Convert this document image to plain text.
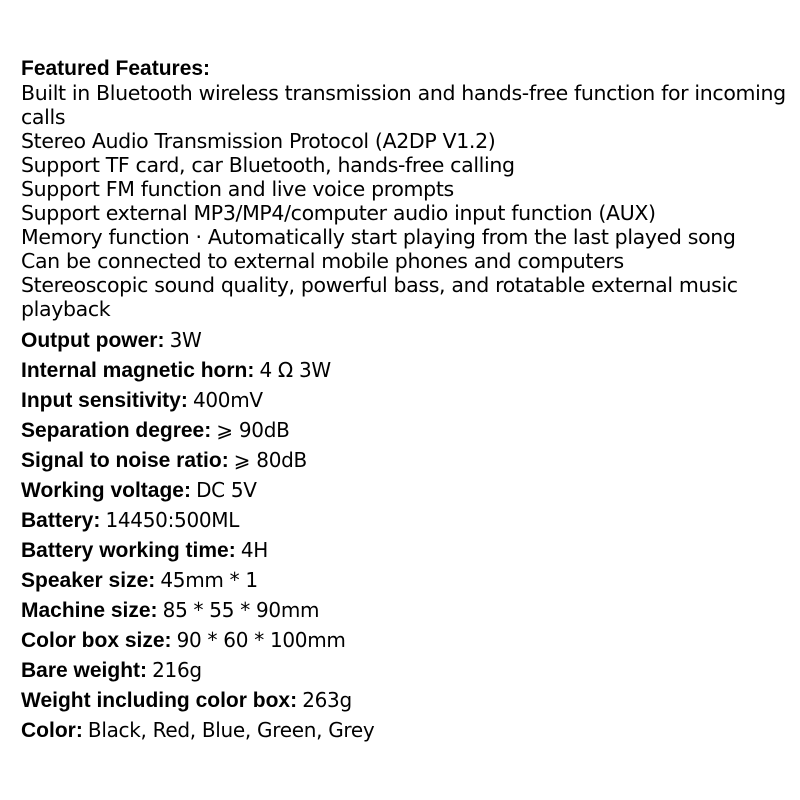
Featured Features:
Built in Bluetooth wireless transmission and hands-free function for incoming calls
Stereo Audio Transmission Protocol (A2DP V1.2)
Support TF card, car Bluetooth, hands-free calling
Support FM function and live voice prompts
Support external MP3/MP4/computer audio input function (AUX)
Memory function · Automatically start playing from the last played song
Can be connected to external mobile phones and computers
Stereoscopic sound quality, powerful bass, and rotatable external music playback
Output power: 3W
Internal magnetic horn: 4 Ω 3W
Input sensitivity: 400mV
Separation degree: ⩾ 90dB
Signal to noise ratio: ⩾ 80dB
Working voltage: DC 5V
Battery: 14450:500ML
Battery working time: 4H
Speaker size: 45mm * 1
Machine size: 85 * 55 * 90mm
Color box size: 90 * 60 * 100mm
Bare weight: 216g
Weight including color box: 263g
Color: Black, Red, Blue, Green, Grey
